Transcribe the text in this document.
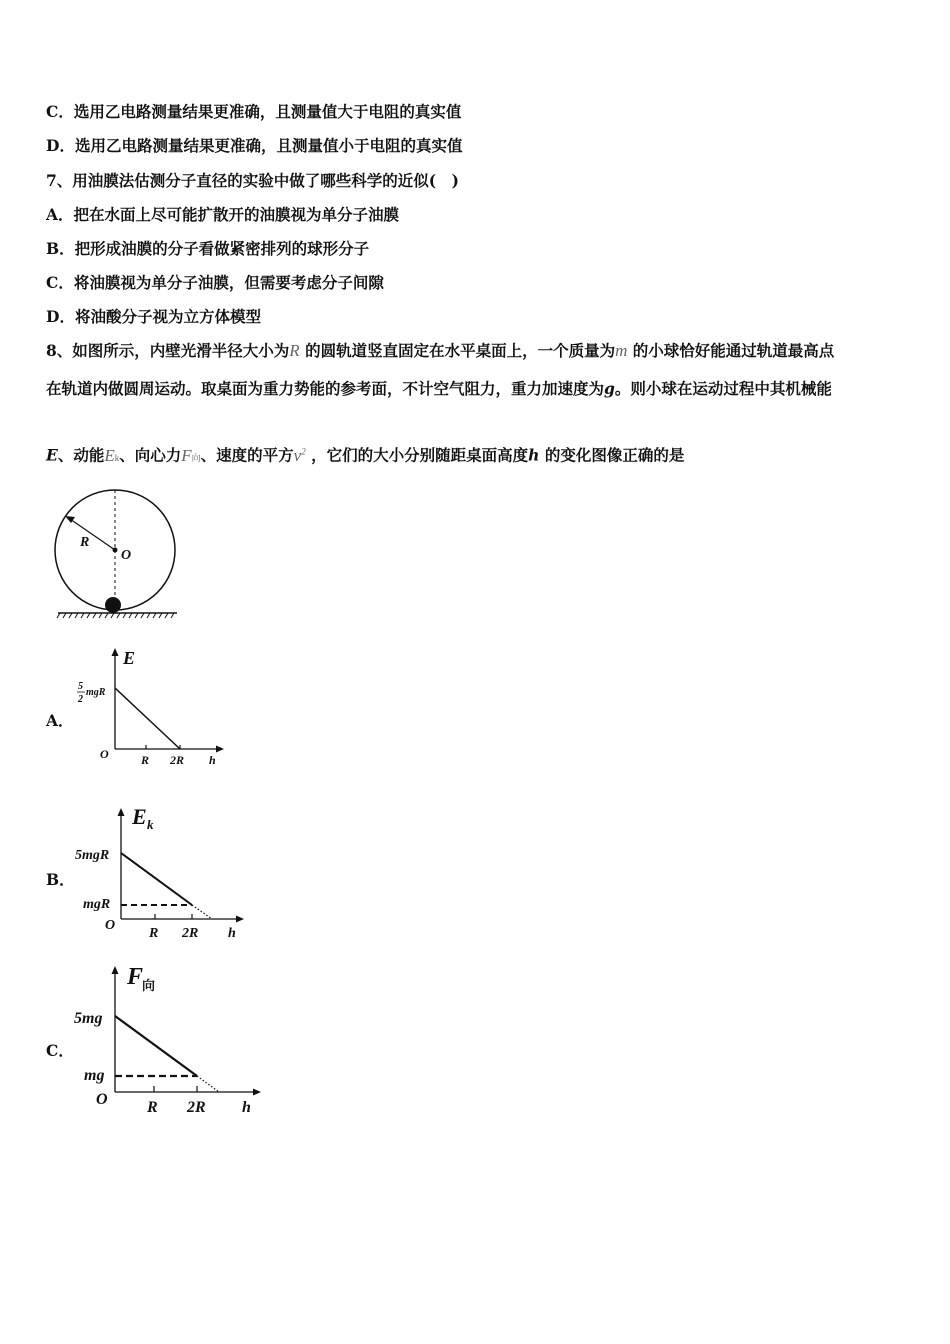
C．选用乙电路测量结果更准确，且测量值大于电阻的真实值
D．选用乙电路测量结果更准确，且测量值小于电阻的真实值
7、用油膜法估测分子直径的实验中做了哪些科学的近似(　)
A．把在水面上尽可能扩散开的油膜视为单分子油膜
B．把形成油膜的分子看做紧密排列的球形分子
C．将油膜视为单分子油膜，但需要考虑分子间隙
D．将油酸分子视为立方体模型
8、如图所示，内壁光滑半径大小为R 的圆轨道竖直固定在水平桌面上，一个质量为m 的小球恰好能通过轨道最高点
在轨道内做圆周运动。取桌面为重力势能的参考面，不计空气阻力，重力加速度为g。则小球在运动过程中其机械能
E、动能Ek、向心力F向、速度的平方$v^2$ ，它们的大小分别随距桌面高度h 的变化图像正确的是
R
O
A．
E
5
2
mgR
O	R 2R h
B．
E k
5mgR
mgR
O
R 2R h
C．
F
向
5mg
mg
O R 2R h
